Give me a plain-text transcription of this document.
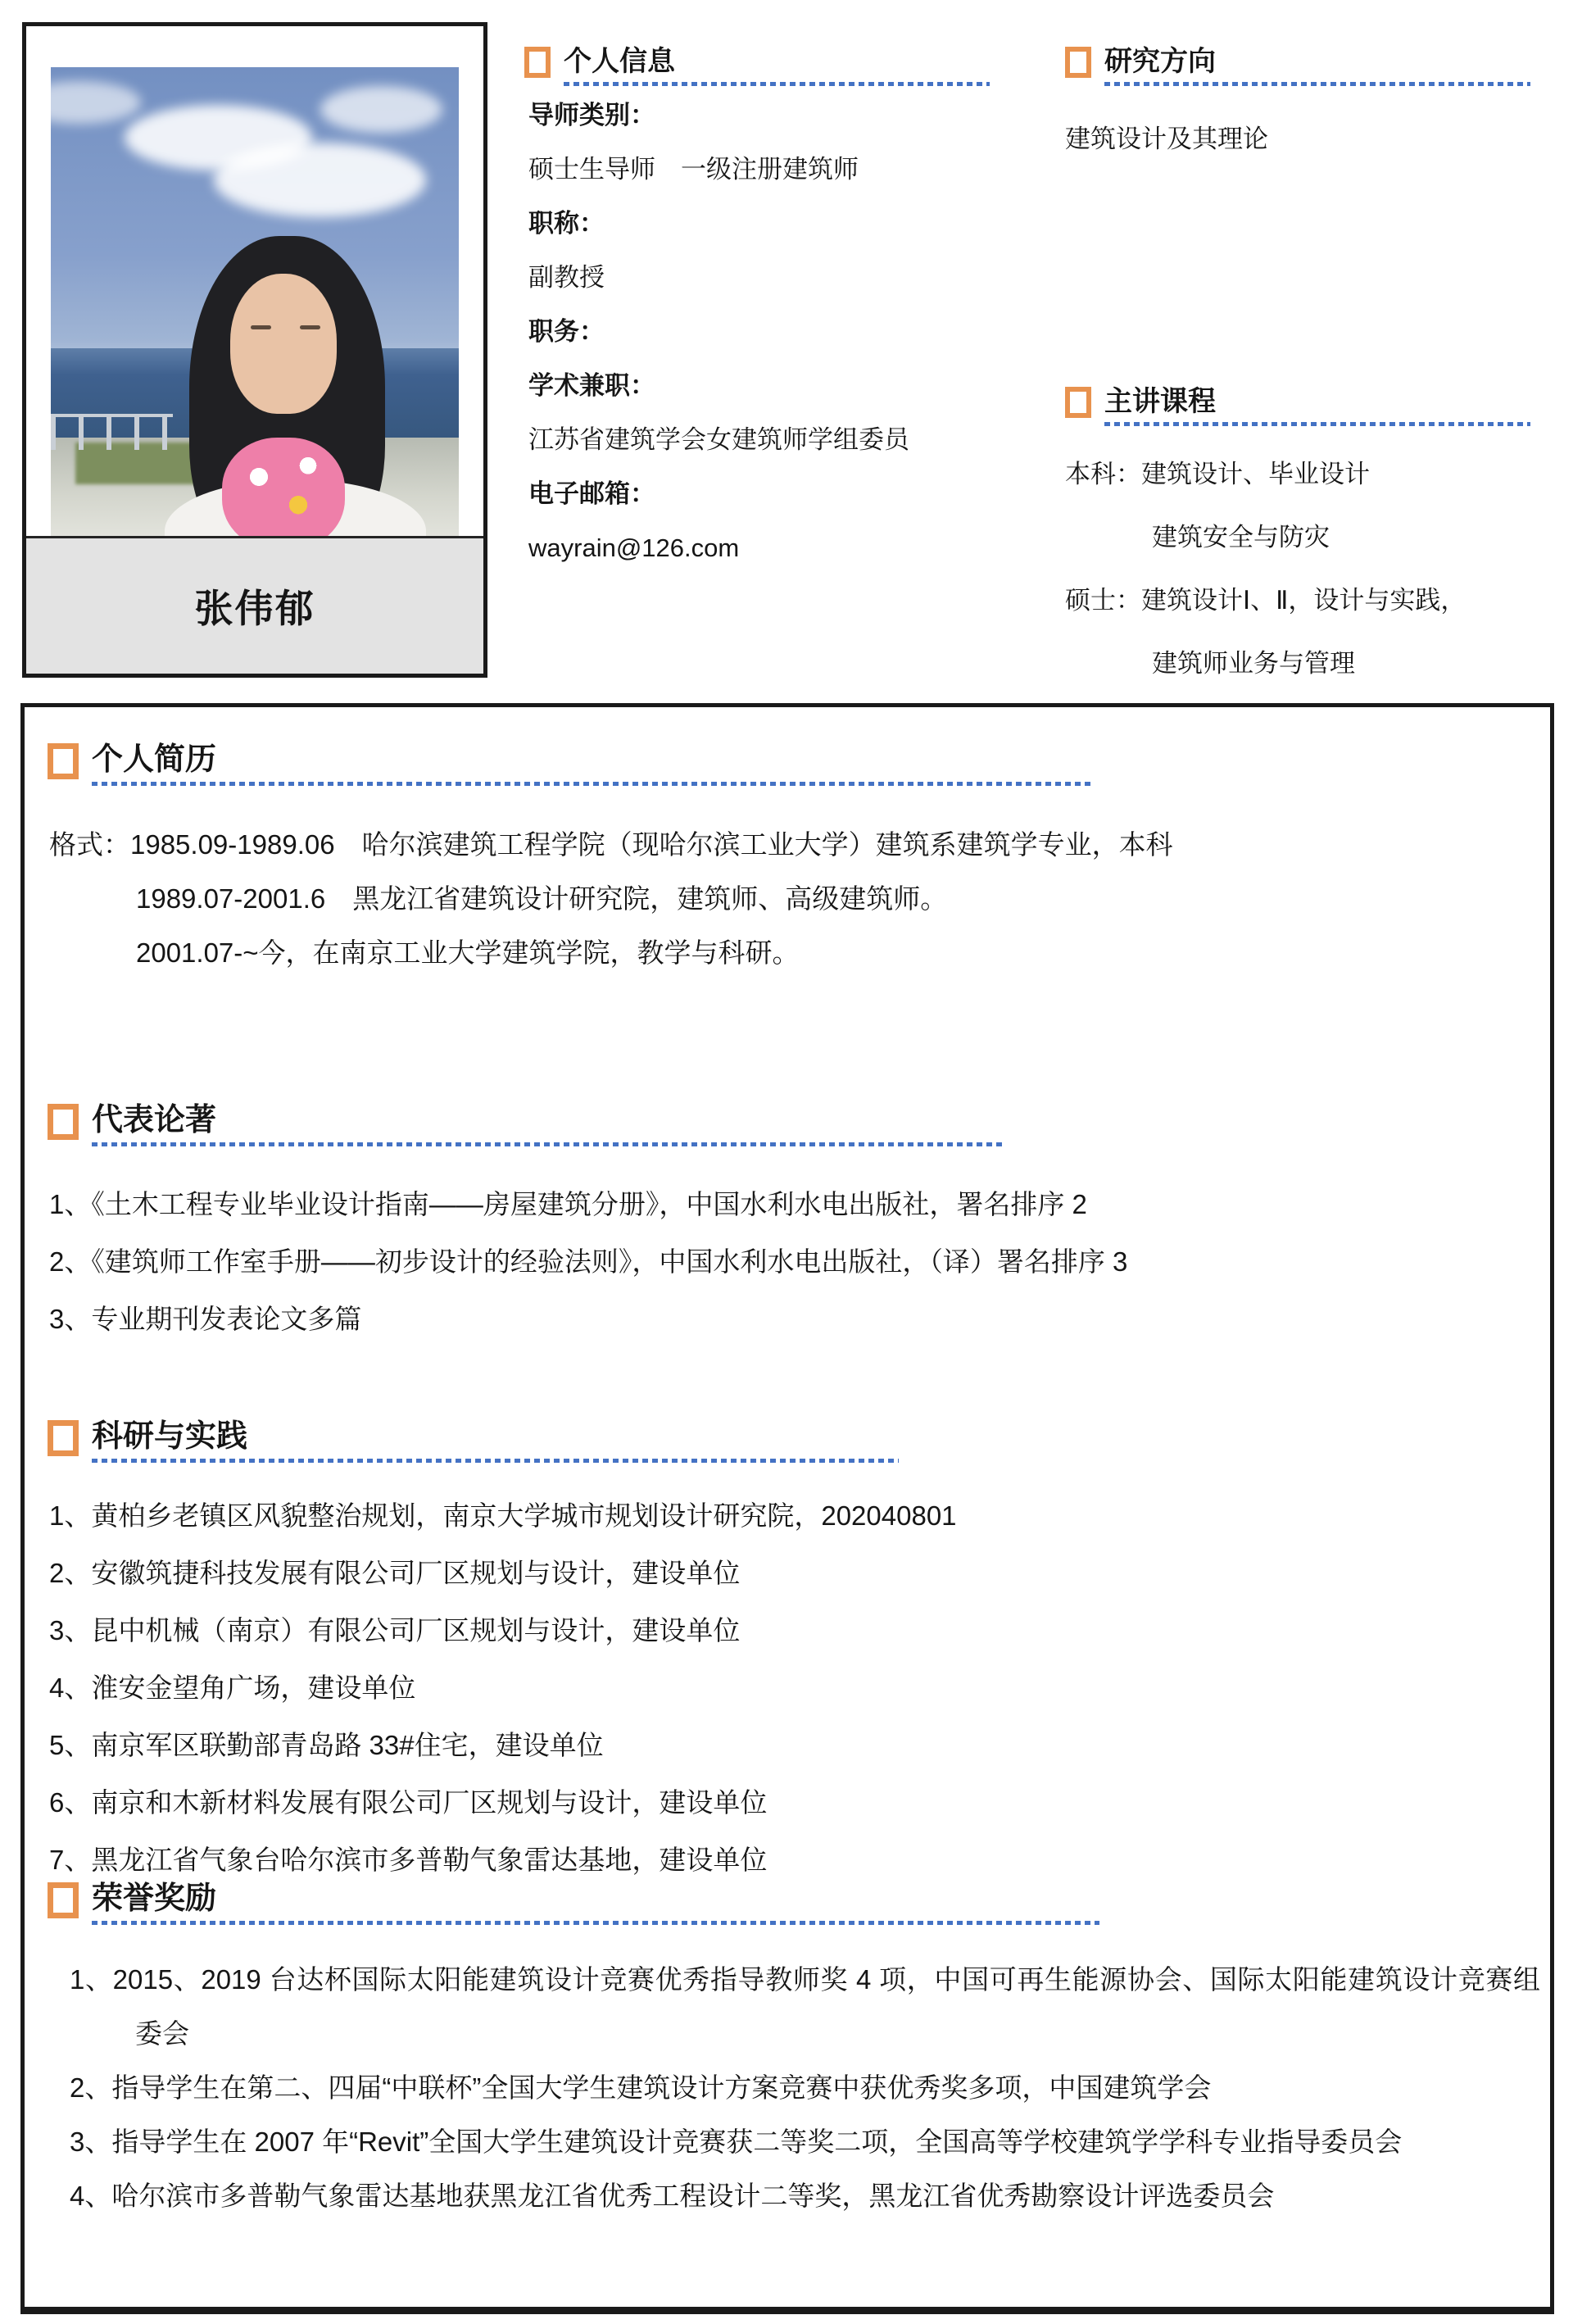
张伟郁
个人信息
导师类别：
硕士生导师　一级注册建筑师
职称：
副教授
职务：
学术兼职：
江苏省建筑学会女建筑师学组委员
电子邮箱：
wayrain@126.com
研究方向
建筑设计及其理论
主讲课程
本科：建筑设计、毕业设计
建筑安全与防灾
硕士：建筑设计Ⅰ、Ⅱ，设计与实践，
建筑师业务与管理
个人简历
格式：1985.09-1989.06　哈尔滨建筑工程学院（现哈尔滨工业大学）建筑系建筑学专业，本科
1989.07-2001.6　黑龙江省建筑设计研究院，建筑师、高级建筑师。
2001.07-~今，在南京工业大学建筑学院，教学与科研。
代表论著
1、《土木工程专业毕业设计指南——房屋建筑分册》，中国水利水电出版社，署名排序 2
2、《建筑师工作室手册——初步设计的经验法则》，中国水利水电出版社，（译）署名排序 3
3、专业期刊发表论文多篇
科研与实践
1、黄柏乡老镇区风貌整治规划，南京大学城市规划设计研究院，202040801
2、安徽筑捷科技发展有限公司厂区规划与设计，建设单位
3、昆中机械（南京）有限公司厂区规划与设计，建设单位
4、淮安金望角广场，建设单位
5、南京军区联勤部青岛路 33#住宅，建设单位
6、南京和木新材料发展有限公司厂区规划与设计，建设单位
7、黑龙江省气象台哈尔滨市多普勒气象雷达基地，建设单位
荣誉奖励
1、2015、2019 台达杯国际太阳能建筑设计竞赛优秀指导教师奖 4 项，中国可再生能源协会、国际太阳能建筑设计竞赛组委会
2、指导学生在第二、四届“中联杯”全国大学生建筑设计方案竞赛中获优秀奖多项，中国建筑学会
3、指导学生在 2007 年“Revit”全国大学生建筑设计竞赛获二等奖二项，全国高等学校建筑学学科专业指导委员会
4、哈尔滨市多普勒气象雷达基地获黑龙江省优秀工程设计二等奖，黑龙江省优秀勘察设计评选委员会
